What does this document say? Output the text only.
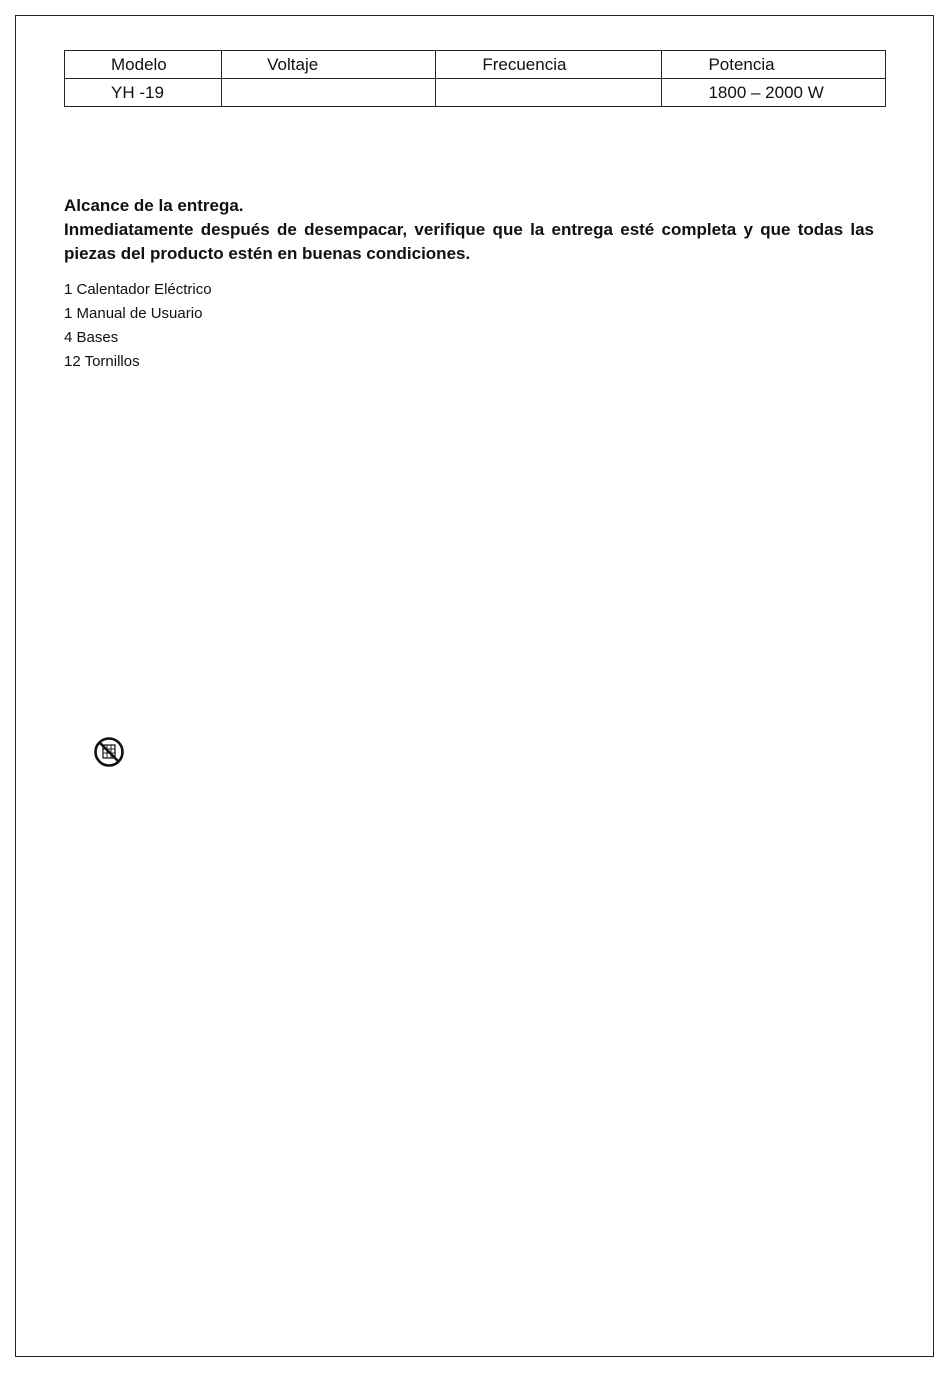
Modelo	Voltaje	Frecuencia	Potencia
YH -19			1800 – 2000 W

Alcance de la entrega.

Inmediatamente después de desempacar, verifique que la entrega esté completa y que todas las piezas del producto estén en buenas condiciones.

1 Calentador Eléctrico
1 Manual de Usuario
4 Bases
12 Tornillos
